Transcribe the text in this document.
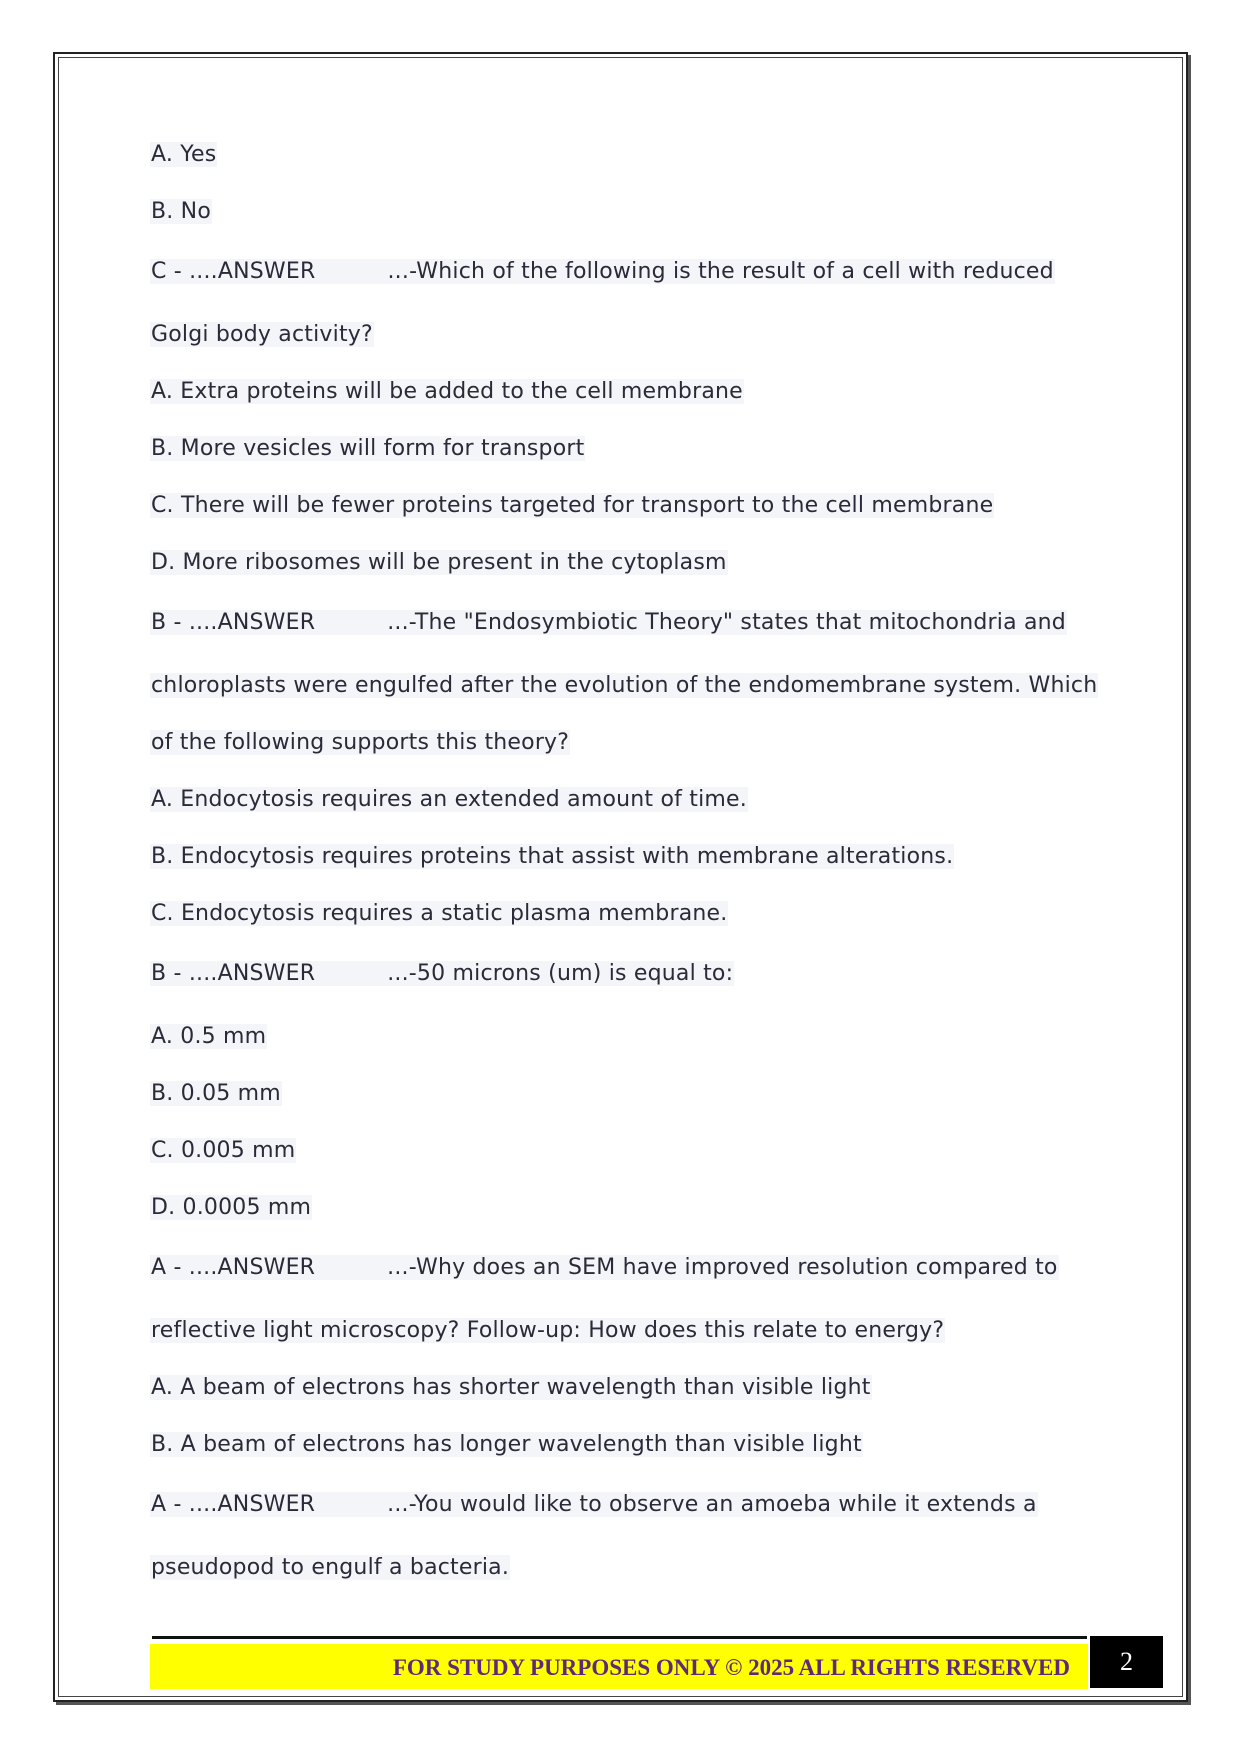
A. Yes
B. No
C - ....ANSWER	...-Which of the following is the result of a cell with reduced
Golgi body activity?
A. Extra proteins will be added to the cell membrane
B. More vesicles will form for transport
C. There will be fewer proteins targeted for transport to the cell membrane
D. More ribosomes will be present in the cytoplasm
B - ....ANSWER	...-The "Endosymbiotic Theory" states that mitochondria and
chloroplasts were engulfed after the evolution of the endomembrane system. Which
of the following supports this theory?
A. Endocytosis requires an extended amount of time.
B. Endocytosis requires proteins that assist with membrane alterations.
C. Endocytosis requires a static plasma membrane.
B - ....ANSWER	...-50 microns (um) is equal to:
A. 0.5 mm
B. 0.05 mm
C. 0.005 mm
D. 0.0005 mm
A - ....ANSWER	...-Why does an SEM have improved resolution compared to
reflective light microscopy? Follow-up: How does this relate to energy?
A. A beam of electrons has shorter wavelength than visible light
B. A beam of electrons has longer wavelength than visible light
A - ....ANSWER	...-You would like to observe an amoeba while it extends a
pseudopod to engulf a bacteria.
FOR STUDY PURPOSES ONLY © 2025 ALL RIGHTS RESERVED	2
